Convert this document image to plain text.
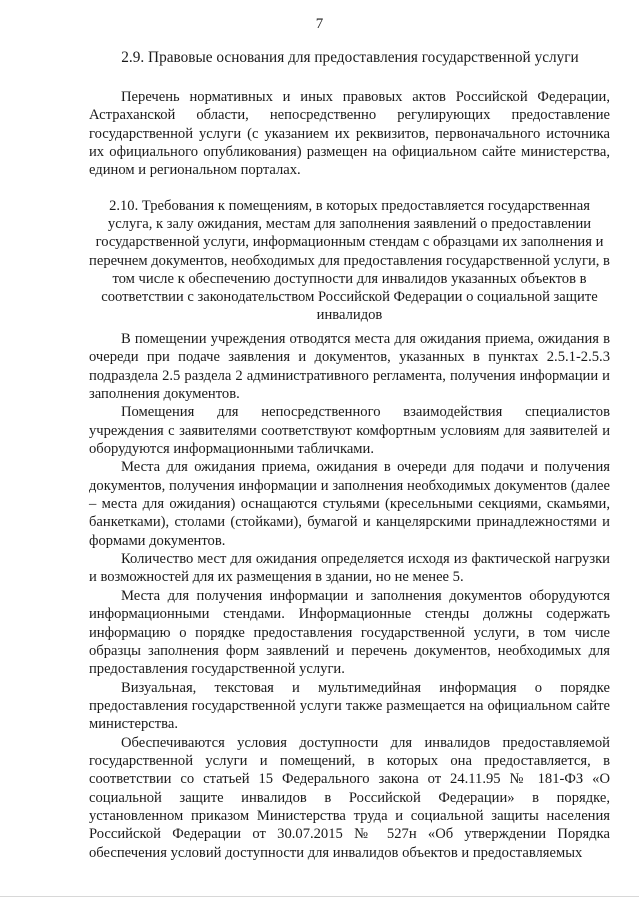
7
2.9. Правовые основания для предоставления государственной услуги

Перечень нормативных и иных правовых актов Российской Федерации, Астраханской области, непосредственно регулирующих предоставление государственной услуги (с указанием их реквизитов, первоначального источника их официального опубликования) размещен на официальном сайте министерства, едином и региональном порталах.

2.10. Требования к помещениям, в которых предоставляется государственная услуга, к залу ожидания, местам для заполнения заявлений о предоставлении государственной услуги, информационным стендам с образцами их заполнения и перечнем документов, необходимых для предоставления государственной услуги, в том числе к обеспечению доступности для инвалидов указанных объектов в соответствии с законодательством Российской Федерации о социальной защите инвалидов

В помещении учреждения отводятся места для ожидания приема, ожидания в очереди при подаче заявления и документов, указанных в пунктах 2.5.1-2.5.3 подраздела 2.5 раздела 2 административного регламента, получения информации и заполнения документов.

Помещения для непосредственного взаимодействия специалистов учреждения с заявителями соответствуют комфортным условиям для заявителей и оборудуются информационными табличками.

Места для ожидания приема, ожидания в очереди для подачи и получения документов, получения информации и заполнения необходимых документов (далее – места для ожидания) оснащаются стульями (кресельными секциями, скамьями, банкетками), столами (стойками), бумагой и канцелярскими принадлежностями и формами документов.

Количество мест для ожидания определяется исходя из фактической нагрузки и возможностей для их размещения в здании, но не менее 5.

Места для получения информации и заполнения документов оборудуются информационными стендами. Информационные стенды должны содержать информацию о порядке предоставления государственной услуги, в том числе образцы заполнения форм заявлений и перечень документов, необходимых для предоставления государственной услуги.

Визуальная, текстовая и мультимедийная информация о порядке предоставления государственной услуги также размещается на официальном сайте министерства.

Обеспечиваются условия доступности для инвалидов предоставляемой государственной услуги и помещений, в которых она предоставляется, в соответствии со статьей 15 Федерального закона от 24.11.95 № 181-ФЗ «О социальной защите инвалидов в Российской Федерации» в порядке, установленном приказом Министерства труда и социальной защиты населения Российской Федерации от 30.07.2015 № 527н «Об утверждении Порядка обеспечения условий доступности для инвалидов объектов и предоставляемых
